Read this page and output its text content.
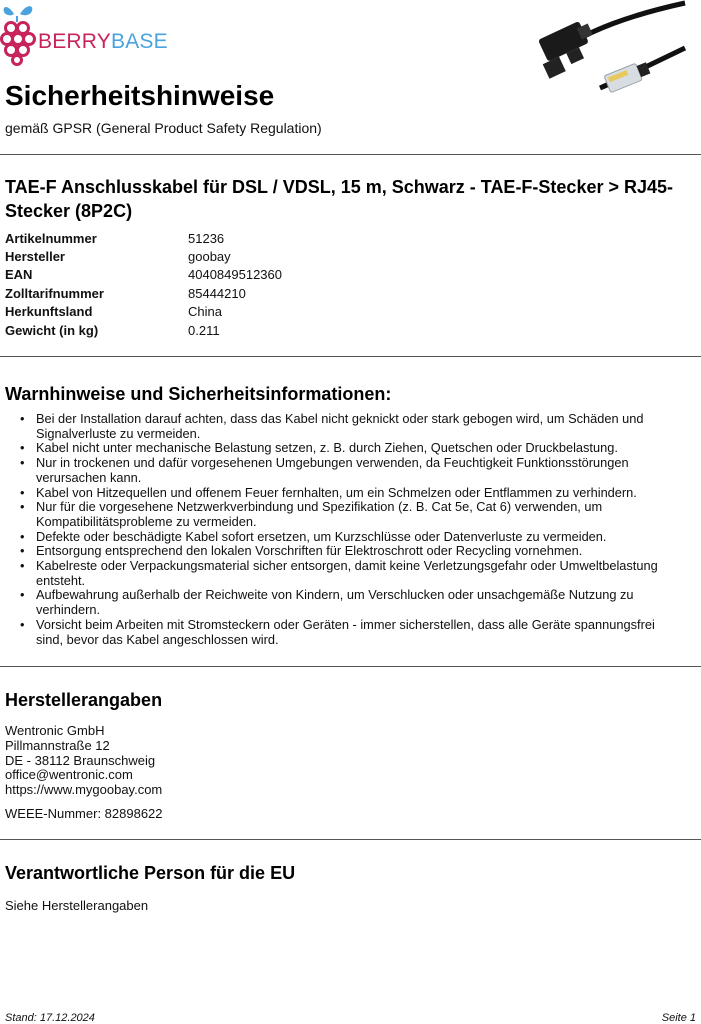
BERRYBASE
Sicherheitshinweise
gemäß GPSR (General Product Safety Regulation)
TAE-F Anschlusskabel für DSL / VDSL, 15 m, Schwarz - TAE-F-Stecker > RJ45-Stecker (8P2C)
Artikelnummer	51236
Hersteller	goobay
EAN	4040849512360
Zolltarifnummer	85444210
Herkunftsland	China
Gewicht (in kg)	0.211
Warnhinweise und Sicherheitsinformationen:
• Bei der Installation darauf achten, dass das Kabel nicht geknickt oder stark gebogen wird, um Schäden und Signalverluste zu vermeiden.
• Kabel nicht unter mechanische Belastung setzen, z. B. durch Ziehen, Quetschen oder Druckbelastung.
• Nur in trockenen und dafür vorgesehenen Umgebungen verwenden, da Feuchtigkeit Funktionsstörungen verursachen kann.
• Kabel von Hitzequellen und offenem Feuer fernhalten, um ein Schmelzen oder Entflammen zu verhindern.
• Nur für die vorgesehene Netzwerkverbindung und Spezifikation (z. B. Cat 5e, Cat 6) verwenden, um Kompatibilitätsprobleme zu vermeiden.
• Defekte oder beschädigte Kabel sofort ersetzen, um Kurzschlüsse oder Datenverluste zu vermeiden.
• Entsorgung entsprechend den lokalen Vorschriften für Elektroschrott oder Recycling vornehmen.
• Kabelreste oder Verpackungsmaterial sicher entsorgen, damit keine Verletzungsgefahr oder Umweltbelastung entsteht.
• Aufbewahrung außerhalb der Reichweite von Kindern, um Verschlucken oder unsachgemäße Nutzung zu verhindern.
• Vorsicht beim Arbeiten mit Stromsteckern oder Geräten - immer sicherstellen, dass alle Geräte spannungsfrei sind, bevor das Kabel angeschlossen wird.
Herstellerangaben
Wentronic GmbH
Pillmannstraße 12
DE - 38112 Braunschweig
office@wentronic.com
https://www.mygoobay.com
WEEE-Nummer: 82898622
Verantwortliche Person für die EU
Siehe Herstellerangaben
Stand: 17.12.2024	Seite 1
